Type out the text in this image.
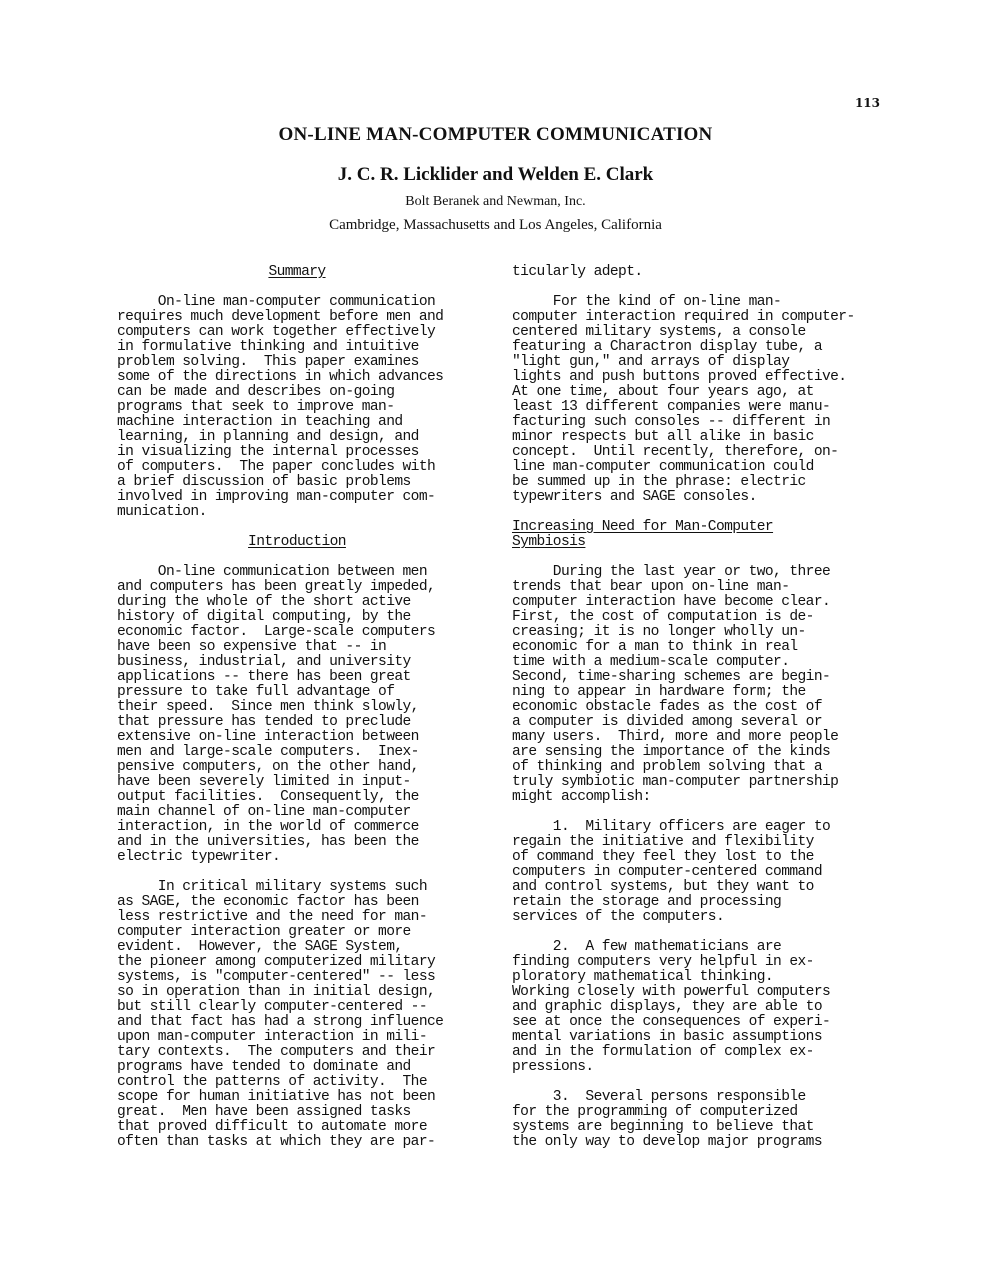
113
ON-LINE MAN-COMPUTER COMMUNICATION
J. C. R. Licklider and Welden E. Clark
Bolt Beranek and Newman, Inc.
Cambridge, Massachusetts and Los Angeles, California
Summary

On-line man-computer communication
requires much development before men and
computers can work together effectively
in formulative thinking and intuitive
problem solving.  This paper examines
some of the directions in which advances
can be made and describes on-going
programs that seek to improve man-
machine interaction in teaching and
learning, in planning and design, and
in visualizing the internal processes
of computers.  The paper concludes with
a brief discussion of basic problems
involved in improving man-computer com-
munication.

Introduction

On-line communication between men
and computers has been greatly impeded,
during the whole of the short active
history of digital computing, by the
economic factor.  Large-scale computers
have been so expensive that -- in
business, industrial, and university
applications -- there has been great
pressure to take full advantage of
their speed.  Since men think slowly,
that pressure has tended to preclude
extensive on-line interaction between
men and large-scale computers.  Inex-
pensive computers, on the other hand,
have been severely limited in input-
output facilities.  Consequently, the
main channel of on-line man-computer
interaction, in the world of commerce
and in the universities, has been the
electric typewriter.

In critical military systems such
as SAGE, the economic factor has been
less restrictive and the need for man-
computer interaction greater or more
evident.  However, the SAGE System,
the pioneer among computerized military
systems, is "computer-centered" -- less
so in operation than in initial design,
but still clearly computer-centered --
and that fact has had a strong influence
upon man-computer interaction in mili-
tary contexts.  The computers and their
programs have tended to dominate and
control the patterns of activity.  The
scope for human initiative has not been
great.  Men have been assigned tasks
that proved difficult to automate more
often than tasks at which they are par-
ticularly adept.

For the kind of on-line man-
computer interaction required in computer-
centered military systems, a console
featuring a Charactron display tube, a
"light gun," and arrays of display
lights and push buttons proved effective.
At one time, about four years ago, at
least 13 different companies were manu-
facturing such consoles -- different in
minor respects but all alike in basic
concept.  Until recently, therefore, on-
line man-computer communication could
be summed up in the phrase: electric
typewriters and SAGE consoles.

Increasing Need for Man-Computer
Symbiosis

During the last year or two, three
trends that bear upon on-line man-
computer interaction have become clear.
First, the cost of computation is de-
creasing; it is no longer wholly un-
economic for a man to think in real
time with a medium-scale computer.
Second, time-sharing schemes are begin-
ning to appear in hardware form; the
economic obstacle fades as the cost of
a computer is divided among several or
many users.  Third, more and more people
are sensing the importance of the kinds
of thinking and problem solving that a
truly symbiotic man-computer partnership
might accomplish:

1.  Military officers are eager to
regain the initiative and flexibility
of command they feel they lost to the
computers in computer-centered command
and control systems, but they want to
retain the storage and processing
services of the computers.

2.  A few mathematicians are
finding computers very helpful in ex-
ploratory mathematical thinking.
Working closely with powerful computers
and graphic displays, they are able to
see at once the consequences of experi-
mental variations in basic assumptions
and in the formulation of complex ex-
pressions.

3.  Several persons responsible
for the programming of computerized
systems are beginning to believe that
the only way to develop major programs
